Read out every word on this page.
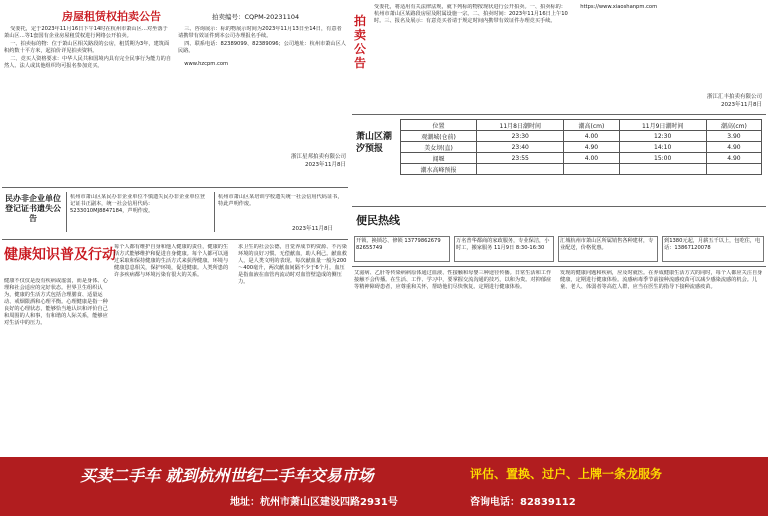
房屋租赁权拍卖公告	拍卖编号：CQPM-20231104

受委托，定于2023年11月16日下午14时在杭州市萧山区…对坐落于萧山区…等1套国有企业房屋租赁权进行网络公开拍卖。

一、拍卖标的物：位于萧山区相关路段的公房，租赁期为3年，建筑面积约数十平方米，起拍价详见拍卖资料。

二、竞买人资格要求：中华人民共和国境内具有完全民事行为能力的自然人、法人或其他组织均可报名参加竞买。

三、咨询展示：标的物展示时间为2023年11月13日至14日，有意者请携带有效证件到本公司办理报名手续。

四、联系电话：82389099、82389096；公司地址：杭州市萧山区人民路。

www.hzcpm.com

浙江星邦拍卖有限公司
2023年11月8日
民办非企业单位登记证书遗失公告
杭州市萧山区某民办非企业单位不慎遗失民办非企业单位登记证书正副本，统一社会信用代码：5233010MJ8847184，声明作废。
杭州市萧山区某培训学校遗失统一社会信用代码证书，特此声明作废。
2023年11月8日
拍卖公告
受委托，将适用有关法律法规，就下列标的物按现状进行公开拍卖。一、拍卖标的：杭州市萧山区某路段房屋及附属设施一宗。二、拍卖时间：2023年11月16日上午10时。三、报名及展示：有意竞买者请于规定时间内携带有效证件办理竞买手续。

https://www.xiaoshanpm.com

浙江汇丰拍卖有限公司
2023年11月8日
萧山区潮汐预报
位置	11月8日潮时间	潮高(cm)	11月9日潮时间	潮高(cm)
观潮城(仓前)	23:30	4.00	12:30	3.90
美女坝(直)	23:40	4.90	14:10	4.90
闻堰	23:55	4.00	15:00	4.90
潮水高峰预报				
便民热线
开锁、换锁芯、修锁 13779862679 82655749
万名普华都商的家政服务，专业保洁，小时工，搬家服务 11月9日 8:30-16:30
汇城杭州市萧山区所属销售各种建材，专业配送，价格优惠。
到1380元起，月薪五千以上，包吃住，电话：13867120078
健康知识普及行动
健康不仅仅是没有疾病或虚弱，而是身体、心理和社会适应的完好状态。世界卫生组织认为，健康的生活方式包括合理膳食、适量运动、戒烟限酒和心理平衡。心理健康是指一种良好的心理状态，能够恰当地认识和评价自己和周围的人和事，有和谐的人际关系，能够应对生活中的压力。
每个人都有维护自身和他人健康的责任，健康的生活方式能够维护和促进自身健康。每个人都可以通过采取和保持健康的生活方式来获得健康。环境与健康息息相关，保护环境，促进健康。人类所患的许多疾病都与环境污染有很大的关系。
求卫生的社会公德，自觉养成节约资源、不污染环境的良好习惯。无偿献血，助人利己。献血救人，是人类文明的表现。每次献血量一般为200～400毫升，两次献血间隔不少于6个月。血压是指血液在血管内流动时对血管壁造成的侧压力。
艾滋病、乙肝等传染病病原体通过血液、性接触和母婴三种途径传播。日常生活和工作接触不会传播。在生活、工作、学习中，要掌握交流沟通的技巧，以和为贵。对抑郁症等精神障碍患者，应尊重和关怀，帮助他们尽快恢复。定期进行健康体检。
发现的健康问题和疾病，应及时就医。在养成健康生活方式的同时，每个人都应关注自身健康，定期进行健康体检。流感病毒季节前接种流感疫苗可以减少感染流感的机会。儿童、老人、体弱者等高危人群，应当在医生的指导下接种流感疫苗。
买卖二手车 就到杭州世纪二手车交易市场	评估、置换、过户、上牌一条龙服务
地址：杭州市萧山区建设四路2931号	咨询电话：82839112
